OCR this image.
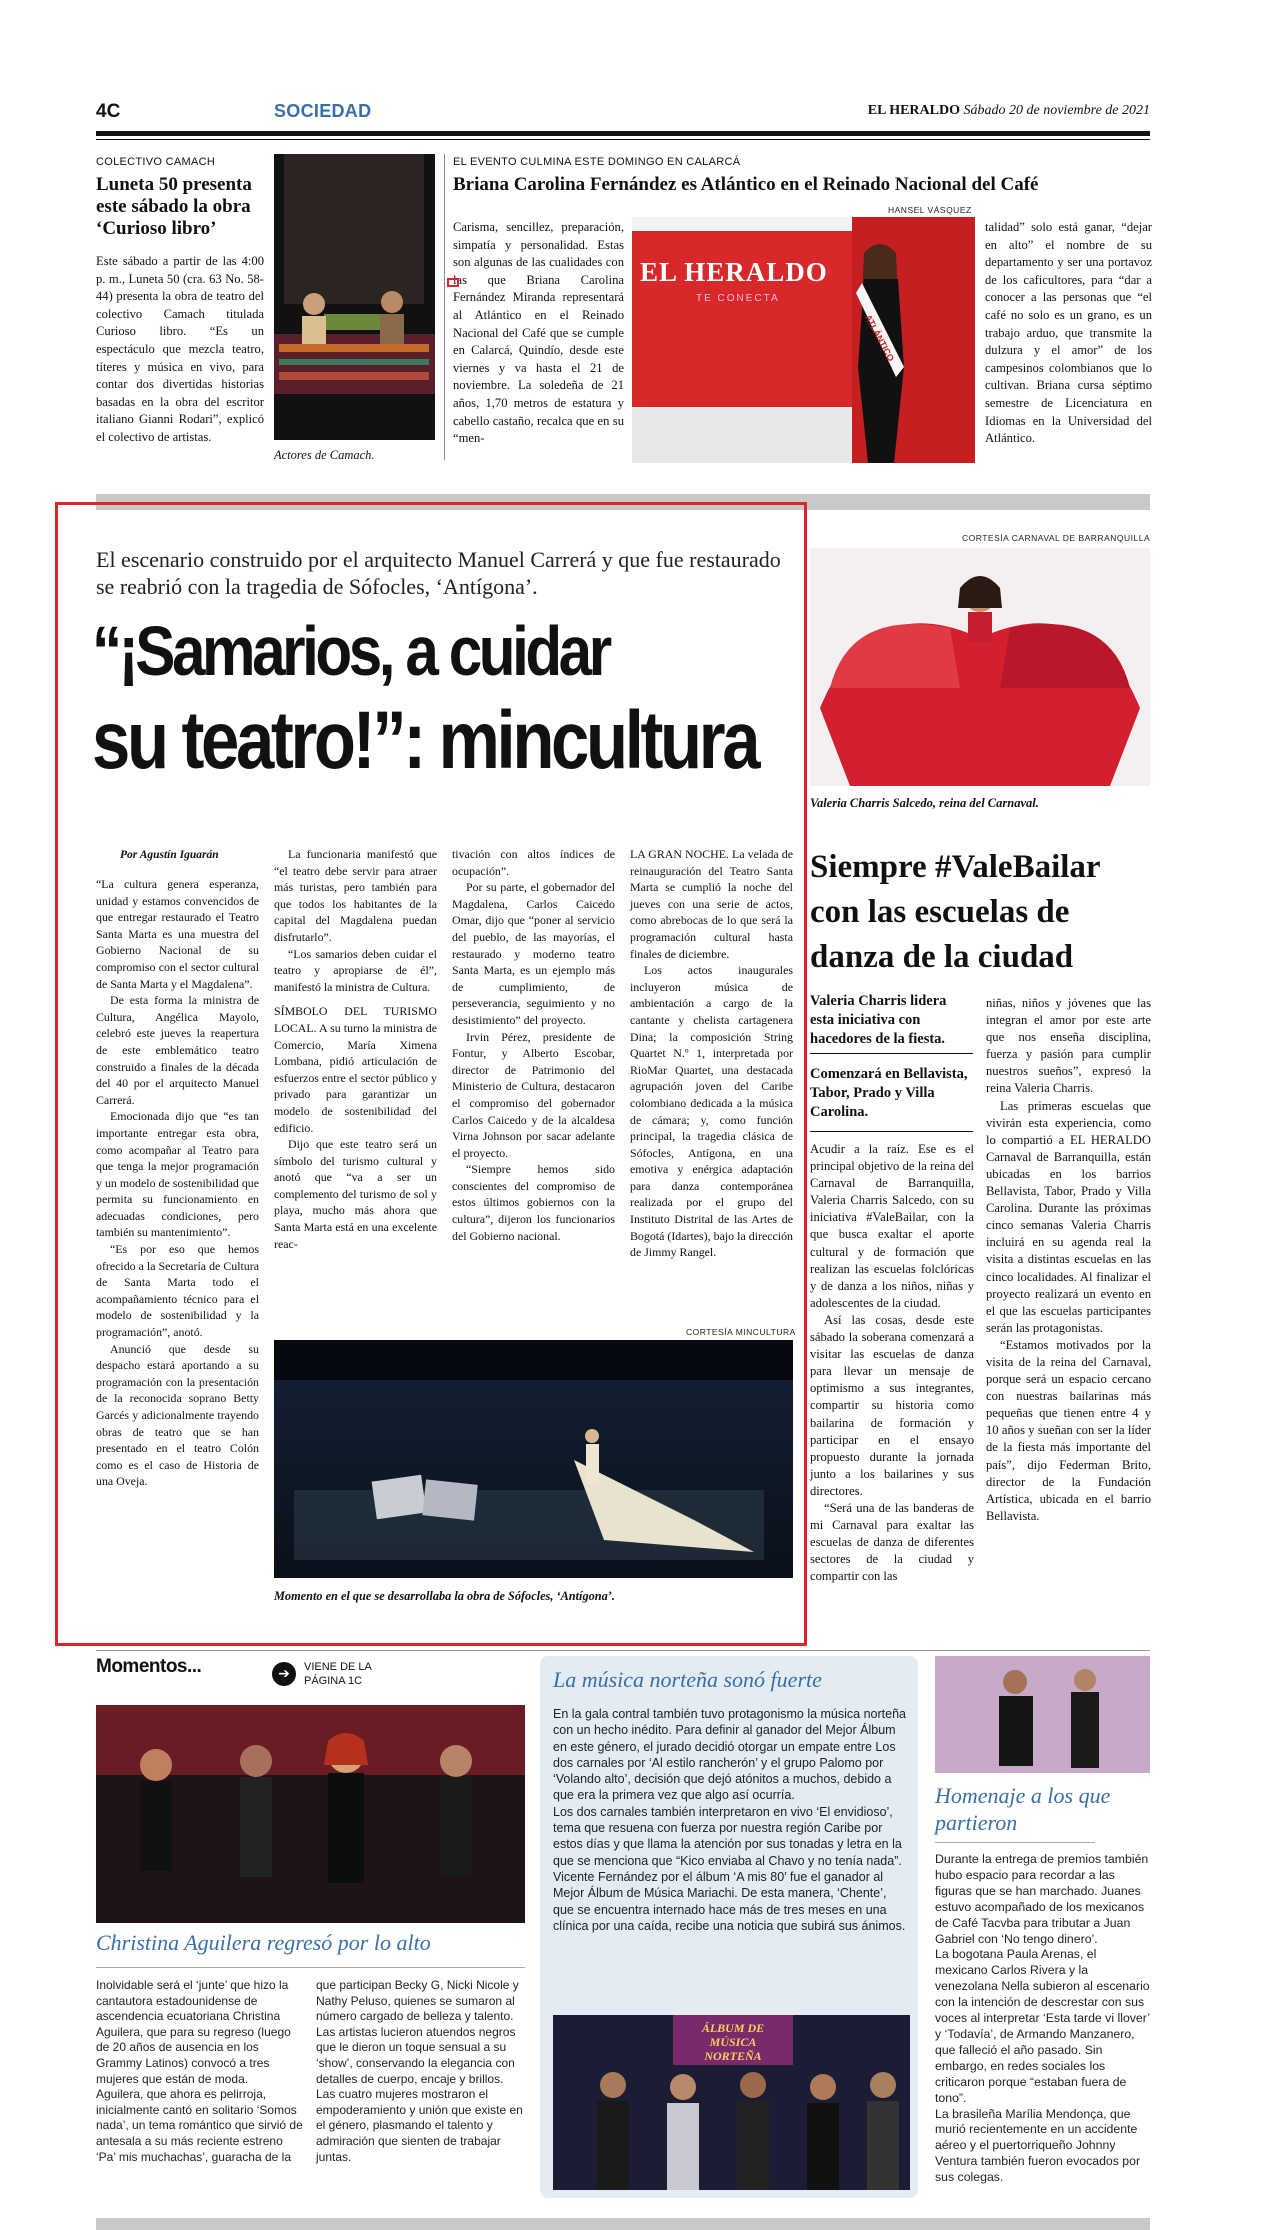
4C	SOCIEDAD	EL HERALDO Sábado 20 de noviembre de 2021
COLECTIVO CAMACH
Luneta 50 presenta este sábado la obra ‘Curioso libro’
Este sábado a partir de las 4:00 p. m., Luneta 50 (cra. 63 No. 58-44) presenta la obra de teatro del colectivo Camach titulada Curioso libro. “Es un espectáculo que mezcla teatro, títeres y música en vivo, para contar dos divertidas historias basadas en la obra del escritor italiano Gianni Rodari”, explicó el colectivo de artistas.
Actores de Camach.
EL EVENTO CULMINA ESTE DOMINGO EN CALARCÁ
Briana Carolina Fernández es Atlántico en el Reinado Nacional del Café
HANSEL VÁSQUEZ
Carisma, sencillez, preparación, simpatía y personalidad. Estas son algunas de las cualidades con las que Briana Carolina Fernández Miranda representará al Atlántico en el Reinado Nacional del Café que se cumple en Calarcá, Quindío, desde este viernes y va hasta el 21 de noviembre. La soledeña de 21 años, 1,70 metros de estatura y cabello castaño, recalca que en su “men-
EL HERALDO
TE CONECTA
ATLÁNTICO
talidad” solo está ganar, “dejar en alto” el nombre de su departamento y ser una portavoz de los caficultores, para “dar a conocer a las personas que “el café no solo es un grano, es un trabajo arduo, que transmite la dulzura y el amor” de los campesinos colombianos que lo cultivan. Briana cursa séptimo semestre de Licenciatura en Idiomas en la Universidad del Atlántico.
El escenario construido por el arquitecto Manuel Carrerá y que fue restaurado se reabrió con la tragedia de Sófocles, ‘Antígona’.
“¡Samarios, a cuidar
su teatro!”: mincultura
Por Agustín Iguarán

“La cultura genera esperanza, unidad y estamos convencidos de que entregar restaurado el Teatro Santa Marta es una muestra del Gobierno Nacional de su compromiso con el sector cultural de Santa Marta y el Magdalena”.

De esta forma la ministra de Cultura, Angélica Mayolo, celebró este jueves la reapertura de este emblemático teatro construido a finales de la década del 40 por el arquitecto Manuel Carrerá.

Emocionada dijo que “es tan importante entregar esta obra, como acompañar al Teatro para que tenga la mejor programación y un modelo de sostenibilidad que permita su funcionamiento en adecuadas condiciones, pero también su mantenimiento”.

“Es por eso que hemos ofrecido a la Secretaría de Cultura de Santa Marta todo el acompañamiento técnico para el modelo de sostenibilidad y la programación”, anotó.

Anunció que desde su despacho estará aportando a su programación con la presentación de la reconocida soprano Betty Garcés y adicionalmente trayendo obras de teatro que se han presentado en el teatro Colón como es el caso de Historia de una Oveja.

La funcionaria manifestó que “el teatro debe servir para atraer más turistas, pero también para que todos los habitantes de la capital del Magdalena puedan disfrutarlo”.

“Los samarios deben cuidar el teatro y apropiarse de él”, manifestó la ministra de Cultura.

SÍMBOLO DEL TURISMO LOCAL. A su turno la ministra de Comercio, María Ximena Lombana, pidió articulación de esfuerzos entre el sector público y privado para garantizar un modelo de sostenibilidad del edificio.

Dijo que este teatro será un símbolo del turismo cultural y anotó que “va a ser un complemento del turismo de sol y playa, mucho más ahora que Santa Marta está en una excelente reac-

tivación con altos índices de ocupación”.

Por su parte, el gobernador del Magdalena, Carlos Caicedo Omar, dijo que “poner al servicio del pueblo, de las mayorías, el restaurado y moderno teatro Santa Marta, es un ejemplo más de cumplimiento, de perseverancia, seguimiento y no desistimiento” del proyecto.

Irvin Pérez, presidente de Fontur, y Alberto Escobar, director de Patrimonio del Ministerio de Cultura, destacaron el compromiso del gobernador Carlos Caicedo y de la alcaldesa Virna Johnson por sacar adelante el proyecto.

“Siempre hemos sido conscientes del compromiso de estos últimos gobiernos con la cultura”, dijeron los funcionarios del Gobierno nacional.

LA GRAN NOCHE. La velada de reinauguración del Teatro Santa Marta se cumplió la noche del jueves con una serie de actos, como abrebocas de lo que será la programación cultural hasta finales de diciembre.

Los actos inaugurales incluyeron música de ambientación a cargo de la cantante y chelista cartagenera Dina; la composición String Quartet N.º 1, interpretada por RioMar Quartet, una destacada agrupación joven del Caribe colombiano dedicada a la música de cámara; y, como función principal, la tragedia clásica de Sófocles, Antígona, en una emotiva y enérgica adaptación para danza contemporánea realizada por el grupo del Instituto Distrital de las Artes de Bogotá (Idartes), bajo la dirección de Jimmy Rangel.

CORTESÍA MINCULTURA
Momento en el que se desarrollaba la obra de Sófocles, ‘Antígona’.
CORTESÍA CARNAVAL DE BARRANQUILLA
Valeria Charris Salcedo, reina del Carnaval.
Siempre #ValeBailar con las escuelas de danza de la ciudad
Valeria Charris lidera esta iniciativa con hacedores de la fiesta.
Comenzará en Bellavista, Tabor, Prado y Villa Carolina.

Acudir a la raíz. Ese es el principal objetivo de la reina del Carnaval de Barranquilla, Valeria Charris Salcedo, con su iniciativa #ValeBailar, con la que busca exaltar el aporte cultural y de formación que realizan las escuelas folclóricas y de danza a los niños, niñas y adolescentes de la ciudad.

Así las cosas, desde este sábado la soberana comenzará a visitar las escuelas de danza para llevar un mensaje de optimismo a sus integrantes, compartir su historia como bailarina de formación y participar en el ensayo propuesto durante la jornada junto a los bailarines y sus directores.

“Será una de las banderas de mi Carnaval para exaltar las escuelas de danza de diferentes sectores de la ciudad y compartir con las

niñas, niños y jóvenes que las integran el amor por este arte que nos enseña disciplina, fuerza y pasión para cumplir nuestros sueños”, expresó la reina Valeria Charris.

Las primeras escuelas que vivirán esta experiencia, como lo compartió a EL HERALDO Carnaval de Barranquilla, están ubicadas en los barrios Bellavista, Tabor, Prado y Villa Carolina. Durante las próximas cinco semanas Valeria Charris incluirá en su agenda real la visita a distintas escuelas en las cinco localidades. Al finalizar el proyecto realizará un evento en el que las escuelas participantes serán las protagonistas.

“Estamos motivados por la visita de la reina del Carnaval, porque será un espacio cercano con nuestras bailarinas más pequeñas que tienen entre 4 y 10 años y sueñan con ser la líder de la fiesta más importante del país”, dijo Federman Brito, director de la Fundación Artística, ubicada en el barrio Bellavista.

Momentos...	➔	VIENE DE LA PÁGINA 1C
Christina Aguilera regresó por lo alto
Inolvidable será el ‘junte’ que hizo la cantautora estadounidense de ascendencia ecuatoriana Christina Aguilera, que para su regreso (luego de 20 años de ausencia en los Grammy Latinos) convocó a tres mujeres que están de moda.
Aguilera, que ahora es pelirroja, inicialmente cantó en solitario ‘Somos nada’, un tema romántico que sirvió de antesala a su más reciente estreno ‘Pa’ mis muchachas’, guaracha de la
que participan Becky G, Nicki Nicole y Nathy Peluso, quienes se sumaron al número cargado de belleza y talento.
Las artistas lucieron atuendos negros que le dieron un toque sensual a su ‘show’, conservando la elegancia con detalles de cuerpo, encaje y brillos. Las cuatro mujeres mostraron el empoderamiento y unión que existe en el género, plasmando el talento y admiración que sienten de trabajar juntas.
La música norteña sonó fuerte
En la gala contral también tuvo protagonismo la música norteña con un hecho inédito. Para definir al ganador del Mejor Álbum en este género, el jurado decidió otorgar un empate entre Los dos carnales por ‘Al estilo rancherón’ y el grupo Palomo por ‘Volando alto’, decisión que dejó atónitos a muchos, debido a que era la primera vez que algo así ocurría.
Los dos carnales también interpretaron en vivo ‘El envidioso’, tema que resuena con fuerza por nuestra región Caribe por estos días y que llama la atención por sus tonadas y letra en la que se menciona que “Kico enviaba al Chavo y no tenía nada”.
Vicente Fernández por el álbum ‘A mis 80’ fue el ganador al Mejor Álbum de Música Mariachi. De esta manera, ‘Chente’, que se encuentra internado hace más de tres meses en una clínica por una caída, recibe una noticia que subirá sus ánimos.
ÁLBUM DE MÚSICA NORTEÑA
Homenaje a los que partieron
Durante la entrega de premios también hubo espacio para recordar a las figuras que se han marchado. Juanes estuvo acompañado de los mexicanos de Café Tacvba para tributar a Juan Gabriel con ‘No tengo dinero’.
La bogotana Paula Arenas, el mexicano Carlos Rivera y la venezolana Nella subieron al escenario con la intención de descrestar con sus voces al interpretar ‘Esta tarde vi llover’ y ‘Todavía’, de Armando Manzanero, que falleció el año pasado. Sin embargo, en redes sociales los criticaron porque “estaban fuera de tono”.
La brasileña Marília Mendonça, que murió recientemente en un accidente aéreo y el puertorriqueño Johnny Ventura también fueron evocados por sus colegas.
